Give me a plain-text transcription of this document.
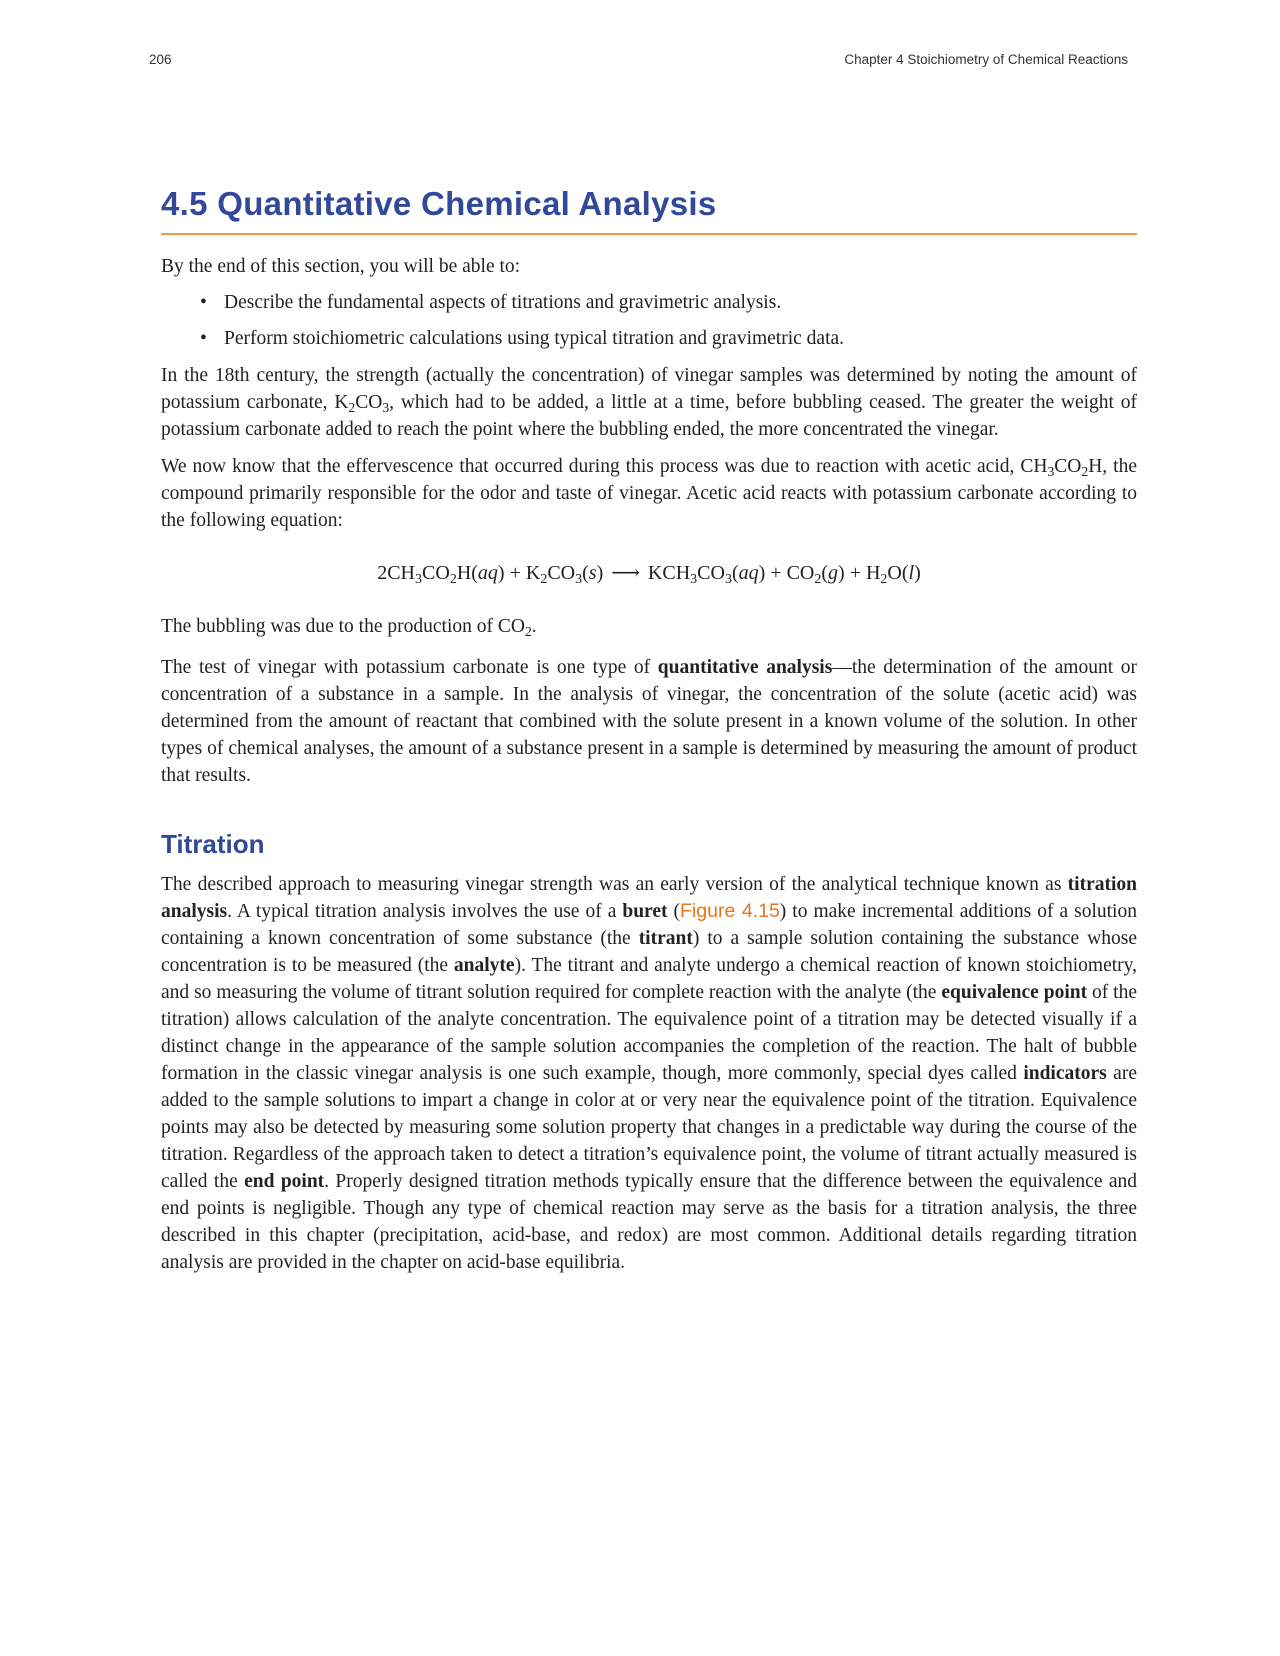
206	Chapter 4 Stoichiometry of Chemical Reactions
4.5 Quantitative Chemical Analysis

By the end of this section, you will be able to:

• Describe the fundamental aspects of titrations and gravimetric analysis.
• Perform stoichiometric calculations using typical titration and gravimetric data.

In the 18th century, the strength (actually the concentration) of vinegar samples was determined by noting the amount of potassium carbonate, $K_2CO_3$, which had to be added, a little at a time, before bubbling ceased. The greater the weight of potassium carbonate added to reach the point where the bubbling ended, the more concentrated the vinegar.

We now know that the effervescence that occurred during this process was due to reaction with acetic acid, $CH_3CO_2H$, the compound primarily responsible for the odor and taste of vinegar. Acetic acid reacts with potassium carbonate according to the following equation:

$2CH_3CO_2H(aq) + K_2CO_3(s)$ ⟶ $KCH_3CO_3(aq) + CO_2(g) + H_2O(l)$

The bubbling was due to the production of $CO_2$.

The test of vinegar with potassium carbonate is one type of quantitative analysis—the determination of the amount or concentration of a substance in a sample. In the analysis of vinegar, the concentration of the solute (acetic acid) was determined from the amount of reactant that combined with the solute present in a known volume of the solution. In other types of chemical analyses, the amount of a substance present in a sample is determined by measuring the amount of product that results.

Titration

The described approach to measuring vinegar strength was an early version of the analytical technique known as titration analysis. A typical titration analysis involves the use of a buret (Figure 4.15) to make incremental additions of a solution containing a known concentration of some substance (the titrant) to a sample solution containing the substance whose concentration is to be measured (the analyte). The titrant and analyte undergo a chemical reaction of known stoichiometry, and so measuring the volume of titrant solution required for complete reaction with the analyte (the equivalence point of the titration) allows calculation of the analyte concentration. The equivalence point of a titration may be detected visually if a distinct change in the appearance of the sample solution accompanies the completion of the reaction. The halt of bubble formation in the classic vinegar analysis is one such example, though, more commonly, special dyes called indicators are added to the sample solutions to impart a change in color at or very near the equivalence point of the titration. Equivalence points may also be detected by measuring some solution property that changes in a predictable way during the course of the titration. Regardless of the approach taken to detect a titration’s equivalence point, the volume of titrant actually measured is called the end point. Properly designed titration methods typically ensure that the difference between the equivalence and end points is negligible. Though any type of chemical reaction may serve as the basis for a titration analysis, the three described in this chapter (precipitation, acid-base, and redox) are most common. Additional details regarding titration analysis are provided in the chapter on acid-base equilibria.
